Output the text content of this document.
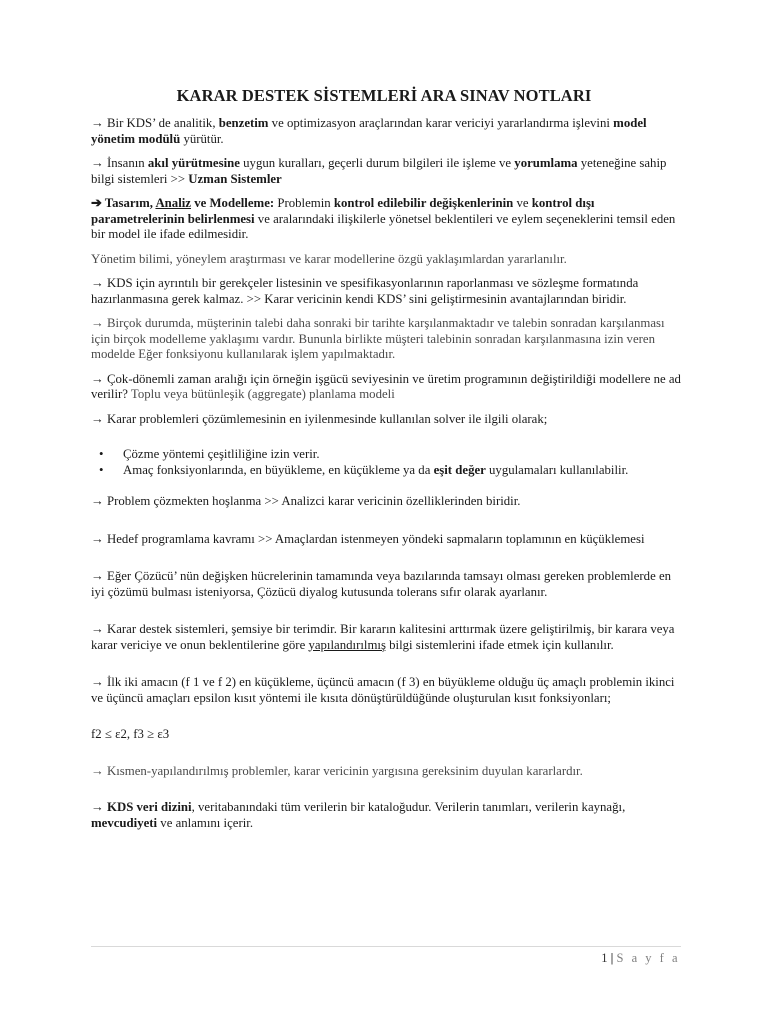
KARAR DESTEK SİSTEMLERİ ARA SINAV NOTLARI

→ Bir KDS’ de analitik, benzetim ve optimizasyon araçlarından karar vericiyi yararlandırma işlevini model yönetim modülü yürütür.

→ İnsanın akıl yürütmesine uygun kuralları, geçerli durum bilgileri ile işleme ve yorumlama yeteneğine sahip bilgi sistemleri >> Uzman Sistemler

➔ Tasarım, Analiz ve Modelleme: Problemin kontrol edilebilir değişkenlerinin ve kontrol dışı parametrelerinin belirlenmesi ve aralarındaki ilişkilerle yönetsel beklentileri ve eylem seçeneklerini temsil eden bir model ile ifade edilmesidir.

Yönetim bilimi, yöneylem araştırması ve karar modellerine özgü yaklaşımlardan yararlanılır.

→ KDS için ayrıntılı bir gerekçeler listesinin ve spesifikasyonlarının raporlanması ve sözleşme formatında hazırlanmasına gerek kalmaz. >> Karar vericinin kendi KDS’ sini geliştirmesinin avantajlarından biridir.

→ Birçok durumda, müşterinin talebi daha sonraki bir tarihte karşılanmaktadır ve talebin sonradan karşılanması için birçok modelleme yaklaşımı vardır. Bununla birlikte müşteri talebinin sonradan karşılanmasına izin veren modelde Eğer fonksiyonu kullanılarak işlem yapılmaktadır.

→ Çok-dönemli zaman aralığı için örneğin işgücü seviyesinin ve üretim programının değiştirildiği modellere ne ad verilir? Toplu veya bütünleşik (aggregate) planlama modeli

→ Karar problemleri çözümlemesinin en iyilenmesinde kullanılan solver ile ilgili olarak;

• Çözme yöntemi çeşitliliğine izin verir.
• Amaç fonksiyonlarında, en büyükleme, en küçükleme ya da eşit değer uygulamaları kullanılabilir.

→ Problem çözmekten hoşlanma >> Analizci karar vericinin özelliklerinden biridir.

→ Hedef programlama kavramı >> Amaçlardan istenmeyen yöndeki sapmaların toplamının en küçüklemesi

→ Eğer Çözücü’ nün değişken hücrelerinin tamamında veya bazılarında tamsayı olması gereken problemlerde en iyi çözümü bulması isteniyorsa, Çözücü diyalog kutusunda tolerans sıfır olarak ayarlanır.

→ Karar destek sistemleri, şemsiye bir terimdir. Bir kararın kalitesini arttırmak üzere geliştirilmiş, bir karara veya karar vericiye ve onun beklentilerine göre yapılandırılmış bilgi sistemlerini ifade etmek için kullanılır.

→ İlk iki amacın (f 1 ve f 2) en küçükleme, üçüncü amacın (f 3) en büyükleme olduğu üç amaçlı problemin ikinci ve üçüncü amaçları epsilon kısıt yöntemi ile kısıta dönüştürüldüğünde oluşturulan kısıt fonksiyonları;

f2 ≤ ε2, f3 ≥ ε3

→ Kısmen-yapılandırılmış problemler, karar vericinin yargısına gereksinim duyulan kararlardır.

→ KDS veri dizini, veritabanındaki tüm verilerin bir kataloğudur. Verilerin tanımları, verilerin kaynağı, mevcudiyeti ve anlamını içerir.

1 | S a y f a
